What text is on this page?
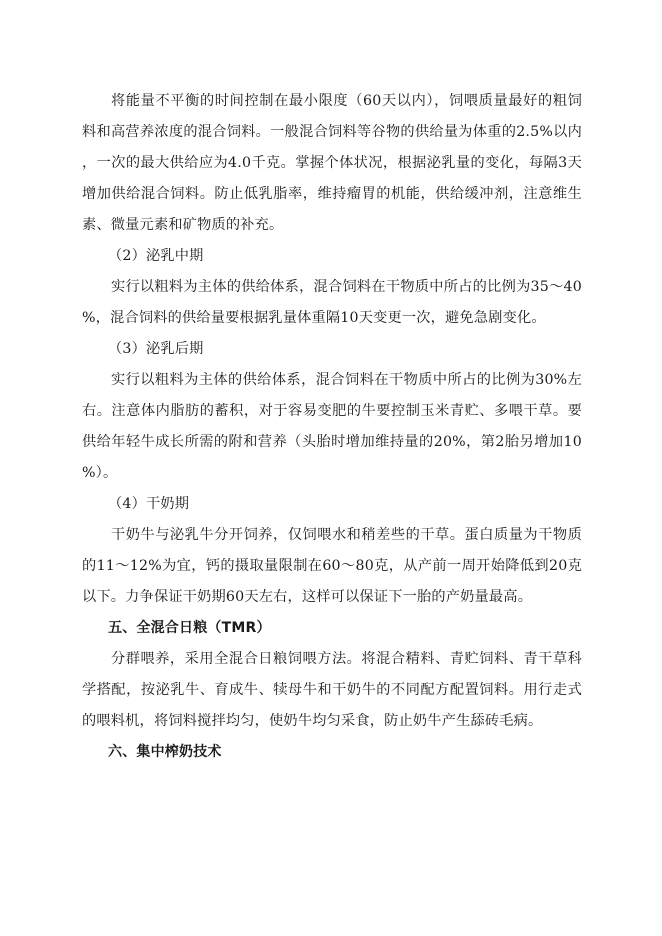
将能量不平衡的时间控制在最小限度（60天以内），饲喂质量最好的粗饲料和高营养浓度的混合饲料。一般混合饲料等谷物的供给量为体重的2.5%以内，一次的最大供给应为4.0千克。掌握个体状况，根据泌乳量的变化，每隔3天增加供给混合饲料。防止低乳脂率，维持瘤胃的机能，供给缓冲剂，注意维生素、微量元素和矿物质的补充。

（2）泌乳中期

实行以粗料为主体的供给体系，混合饲料在干物质中所占的比例为35～40%，混合饲料的供给量要根据乳量体重隔10天变更一次，避免急剧变化。

（3）泌乳后期

实行以粗料为主体的供给体系，混合饲料在干物质中所占的比例为30%左右。注意体内脂肪的蓄积，对于容易变肥的牛要控制玉米青贮、多喂干草。要供给年轻牛成长所需的附和营养（头胎时增加维持量的20%，第2胎另增加10%）。

（4）干奶期

干奶牛与泌乳牛分开饲养，仅饲喂水和稍差些的干草。蛋白质量为干物质的11～12%为宜，钙的摄取量限制在60～80克，从产前一周开始降低到20克以下。力争保证干奶期60天左右，这样可以保证下一胎的产奶量最高。

五、全混合日粮（TMR）

分群喂养，采用全混合日粮饲喂方法。将混合精料、青贮饲料、青干草科学搭配，按泌乳牛、育成牛、犊母牛和干奶牛的不同配方配置饲料。用行走式的喂料机，将饲料搅拌均匀，使奶牛均匀采食，防止奶牛产生舔砖毛病。

六、集中榨奶技术
